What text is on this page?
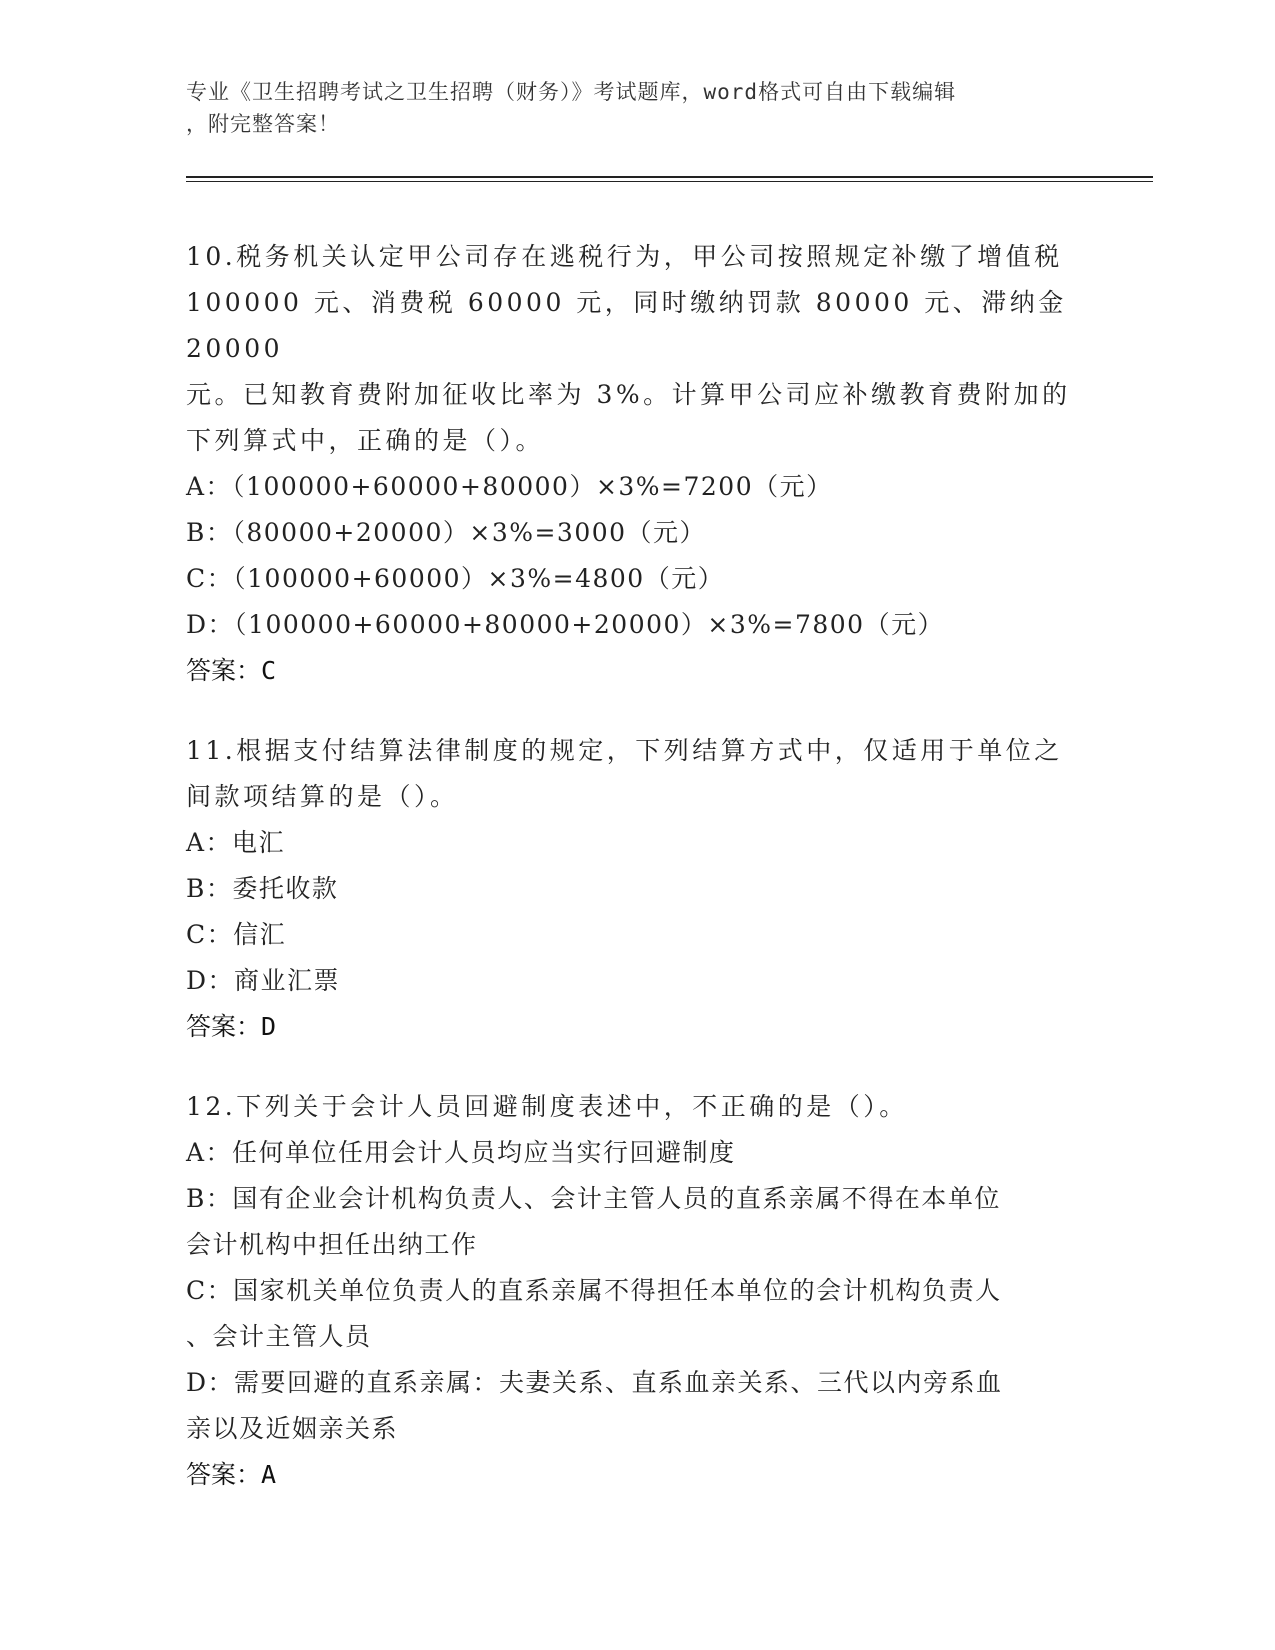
专业《卫生招聘考试之卫生招聘（财务）》考试题库，word格式可自由下载编辑
，附完整答案！

10.税务机关认定甲公司存在逃税行为，甲公司按照规定补缴了增值税

100000 元、消费税 60000 元，同时缴纳罚款 80000 元、滞纳金 20000

元。已知教育费附加征收比率为 3%。计算甲公司应补缴教育费附加的

下列算式中，正确的是（）。

A：（100000+60000+80000）×3%=7200（元）

B：（80000+20000）×3%=3000（元）

C：（100000+60000）×3%=4800（元）

D：（100000+60000+80000+20000）×3%=7800（元）

答案：C

11.根据支付结算法律制度的规定，下列结算方式中，仅适用于单位之

间款项结算的是（）。

A：电汇

B：委托收款

C：信汇

D：商业汇票

答案：D

12.下列关于会计人员回避制度表述中，不正确的是（）。

A：任何单位任用会计人员均应当实行回避制度

B：国有企业会计机构负责人、会计主管人员的直系亲属不得在本单位

会计机构中担任出纳工作

C：国家机关单位负责人的直系亲属不得担任本单位的会计机构负责人

、会计主管人员

D：需要回避的直系亲属：夫妻关系、直系血亲关系、三代以内旁系血

亲以及近姻亲关系

答案：A
